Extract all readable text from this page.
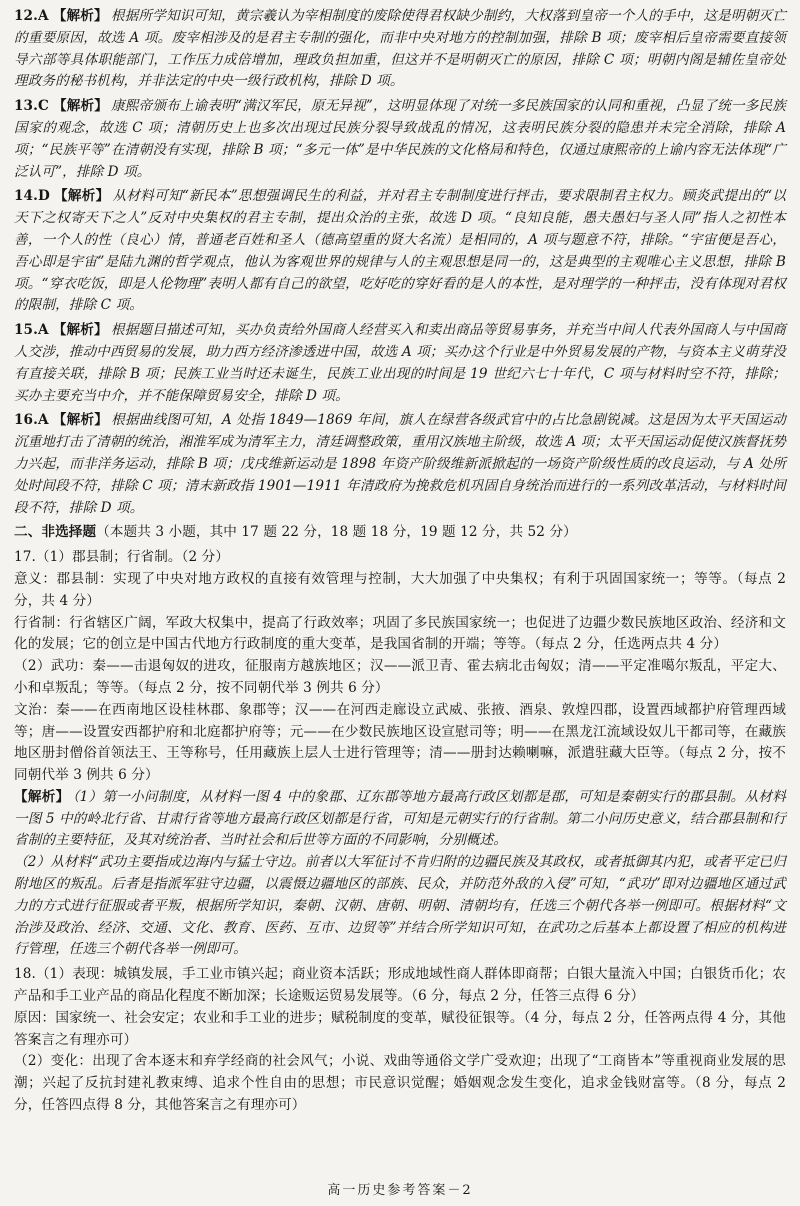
12.A 【解析】 根据所学知识可知，黄宗羲认为宰相制度的废除使得君权缺少制约，大权落到皇帝一个人的手中，这是明朝灭亡的重要原因，故选 A 项。废宰相涉及的是君主专制的强化，而非中央对地方的控制加强，排除 B 项；废宰相后皇帝需要直接领导六部等具体职能部门，工作压力成倍增加，理政负担加重，但这并不是明朝灭亡的原因，排除 C 项；明朝内阁是辅佐皇帝处理政务的秘书机构，并非法定的中央一级行政机构，排除 D 项。

13.C 【解析】 康熙帝颁布上谕表明“满汉军民，原无异视”，这明显体现了对统一多民族国家的认同和重视，凸显了统一多民族国家的观念，故选 C 项；清朝历史上也多次出现过民族分裂导致战乱的情况，这表明民族分裂的隐患并未完全消除，排除 A 项；“民族平等”在清朝没有实现，排除 B 项；“多元一体”是中华民族的文化格局和特色，仅通过康熙帝的上谕内容无法体现“广泛认可”，排除 D 项。

14.D 【解析】 从材料可知“新民本”思想强调民生的利益，并对君主专制制度进行抨击，要求限制君主权力。顾炎武提出的“以天下之权寄天下之人”反对中央集权的君主专制，提出众治的主张，故选 D 项。“良知良能，愚夫愚妇与圣人同”指人之初性本善，一个人的性（良心）情，普通老百姓和圣人（德高望重的贤大名流）是相同的，A 项与题意不符，排除。“宇宙便是吾心，吾心即是宇宙”是陆九渊的哲学观点，他认为客观世界的规律与人的主观思想是同一的，这是典型的主观唯心主义思想，排除 B 项。“穿衣吃饭，即是人伦物理”表明人都有自己的欲望，吃好吃的穿好看的是人的本性，是对理学的一种抨击，没有体现对君权的限制，排除 C 项。

15.A 【解析】 根据题目描述可知，买办负责给外国商人经营买入和卖出商品等贸易事务，并充当中间人代表外国商人与中国商人交涉，推动中西贸易的发展，助力西方经济渗透进中国，故选 A 项；买办这个行业是中外贸易发展的产物，与资本主义萌芽没有直接关联，排除 B 项；民族工业当时还未诞生，民族工业出现的时间是 19 世纪六七十年代，C 项与材料时空不符，排除；买办主要充当中介，并不能保障贸易安全，排除 D 项。

16.A 【解析】 根据曲线图可知，A 处指 1849—1869 年间，旗人在绿营各级武官中的占比急剧锐减。这是因为太平天国运动沉重地打击了清朝的统治，湘淮军成为清军主力，清廷调整政策，重用汉族地主阶级，故选 A 项；太平天国运动促使汉族督抚势力兴起，而非洋务运动，排除 B 项；戊戌维新运动是 1898 年资产阶级维新派掀起的一场资产阶级性质的改良运动，与 A 处所处时间段不符，排除 C 项；清末新政指 1901—1911 年清政府为挽救危机巩固自身统治而进行的一系列改革活动，与材料时间段不符，排除 D 项。

二、非选择题（本题共 3 小题，其中 17 题 22 分，18 题 18 分，19 题 12 分，共 52 分）

17.（1）郡县制；行省制。（2 分）

意义：郡县制：实现了中央对地方政权的直接有效管理与控制，大大加强了中央集权；有利于巩固国家统一；等等。（每点 2 分，共 4 分）

行省制：行省辖区广阔，军政大权集中，提高了行政效率；巩固了多民族国家统一；也促进了边疆少数民族地区政治、经济和文化的发展；它的创立是中国古代地方行政制度的重大变革，是我国省制的开端；等等。（每点 2 分，任选两点共 4 分）

（2）武功：秦——击退匈奴的进攻，征服南方越族地区；汉——派卫青、霍去病北击匈奴；清——平定准噶尔叛乱，平定大、小和卓叛乱；等等。（每点 2 分，按不同朝代举 3 例共 6 分）

文治：秦——在西南地区设桂林郡、象郡等；汉——在河西走廊设立武威、张掖、酒泉、敦煌四郡，设置西域都护府管理西域等；唐——设置安西都护府和北庭都护府等；元——在少数民族地区设宣慰司等；明——在黑龙江流域设奴儿干都司等，在藏族地区册封僧俗首领法王、王等称号，任用藏族上层人士进行管理等；清——册封达赖喇嘛，派遣驻藏大臣等。（每点 2 分，按不同朝代举 3 例共 6 分）

【解析】 （1）第一小问制度，从材料一图 4 中的象郡、辽东郡等地方最高行政区划都是郡，可知是秦朝实行的郡县制。从材料一图 5 中的岭北行省、甘肃行省等地方最高行政区划都是行省，可知是元朝实行的行省制。第二小问历史意义，结合郡县制和行省制的主要特征，及其对统治者、当时社会和后世等方面的不同影响，分别概述。

（2）从材料“武功主要指成边海内与猛士守边。前者以大军征讨不肯归附的边疆民族及其政权，或者抵御其内犯，或者平定已归附地区的叛乱。后者是指派军驻守边疆，以震慑边疆地区的部族、民众，并防范外敌的入侵”可知，“武功”即对边疆地区通过武力的方式进行征服或者平叛，根据所学知识，秦朝、汉朝、唐朝、明朝、清朝均有，任选三个朝代各举一例即可。根据材料“文治涉及政治、经济、交通、文化、教育、医药、互市、边贸等”并结合所学知识可知，在武功之后基本上都设置了相应的机构进行管理，任选三个朝代各举一例即可。

18.（1）表现：城镇发展，手工业市镇兴起；商业资本活跃；形成地域性商人群体即商帮；白银大量流入中国；白银货币化；农产品和手工业产品的商品化程度不断加深；长途贩运贸易发展等。（6 分，每点 2 分，任答三点得 6 分）

原因：国家统一、社会安定；农业和手工业的进步；赋税制度的变革，赋役征银等。（4 分，每点 2 分，任答两点得 4 分，其他答案言之有理亦可）

（2）变化：出现了舍本逐末和弃学经商的社会风气；小说、戏曲等通俗文学广受欢迎；出现了“工商皆本”等重视商业发展的思潮；兴起了反抗封建礼教束缚、追求个性自由的思想；市民意识觉醒；婚姻观念发生变化，追求金钱财富等。（8 分，每点 2 分，任答四点得 8 分，其他答案言之有理亦可）

高一历史参考答案－2
